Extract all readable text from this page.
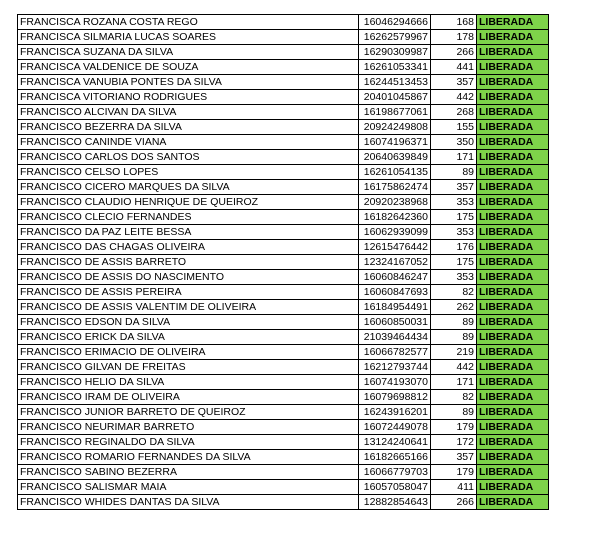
FRANCISCA ROZANA COSTA REGO	16046294666	168	LIBERADA
FRANCISCA SILMARIA LUCAS SOARES	16262579967	178	LIBERADA
FRANCISCA SUZANA DA SILVA	16290309987	266	LIBERADA
FRANCISCA VALDENICE DE SOUZA	16261053341	441	LIBERADA
FRANCISCA VANUBIA PONTES DA SILVA	16244513453	357	LIBERADA
FRANCISCA VITORIANO RODRIGUES	20401045867	442	LIBERADA
FRANCISCO ALCIVAN DA SILVA	16198677061	268	LIBERADA
FRANCISCO BEZERRA DA SILVA	20924249808	155	LIBERADA
FRANCISCO CANINDE VIANA	16074196371	350	LIBERADA
FRANCISCO CARLOS DOS SANTOS	20640639849	171	LIBERADA
FRANCISCO CELSO LOPES	16261054135	89	LIBERADA
FRANCISCO CICERO MARQUES DA SILVA	16175862474	357	LIBERADA
FRANCISCO CLAUDIO HENRIQUE DE QUEIROZ	20920238968	353	LIBERADA
FRANCISCO CLECIO FERNANDES	16182642360	175	LIBERADA
FRANCISCO DA PAZ LEITE BESSA	16062939099	353	LIBERADA
FRANCISCO DAS CHAGAS OLIVEIRA	12615476442	176	LIBERADA
FRANCISCO DE ASSIS BARRETO	12324167052	175	LIBERADA
FRANCISCO DE ASSIS DO NASCIMENTO	16060846247	353	LIBERADA
FRANCISCO DE ASSIS PEREIRA	16060847693	82	LIBERADA
FRANCISCO DE ASSIS VALENTIM DE OLIVEIRA	16184954491	262	LIBERADA
FRANCISCO EDSON DA SILVA	16060850031	89	LIBERADA
FRANCISCO ERICK DA SILVA	21039464434	89	LIBERADA
FRANCISCO ERIMACIO DE OLIVEIRA	16066782577	219	LIBERADA
FRANCISCO GILVAN DE FREITAS	16212793744	442	LIBERADA
FRANCISCO HELIO DA SILVA	16074193070	171	LIBERADA
FRANCISCO IRAM DE OLIVEIRA	16079698812	82	LIBERADA
FRANCISCO JUNIOR BARRETO DE QUEIROZ	16243916201	89	LIBERADA
FRANCISCO NEURIMAR BARRETO	16072449078	179	LIBERADA
FRANCISCO REGINALDO DA SILVA	13124240641	172	LIBERADA
FRANCISCO ROMARIO FERNANDES DA SILVA	16182665166	357	LIBERADA
FRANCISCO SABINO BEZERRA	16066779703	179	LIBERADA
FRANCISCO SALISMAR MAIA	16057058047	411	LIBERADA
FRANCISCO WHIDES DANTAS DA SILVA	12882854643	266	LIBERADA
